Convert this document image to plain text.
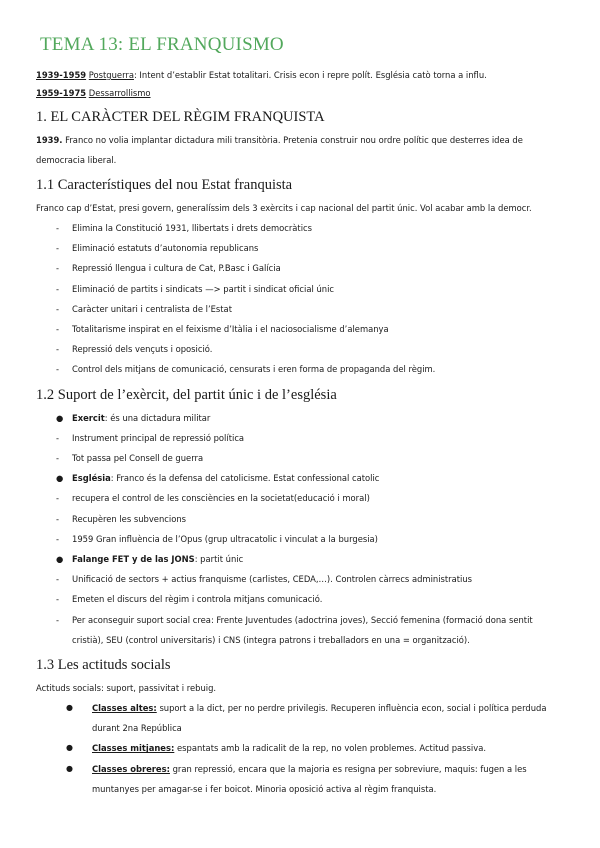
TEMA 13: EL FRANQUISMO
1939-1959 Postguerra: Intent d’establir Estat totalitari. Crisis econ i repre polít. Església catò torna a influ.
1959-1975 Dessarrollismo
1. EL CARÀCTER DEL RÈGIM FRANQUISTA
1939. Franco no volia implantar dictadura mili transitòria. Pretenia construir nou ordre polític que desterres idea de
democracia liberal.
1.1 Característiques del nou Estat franquista
Franco cap d’Estat, presi govern, generalíssim dels 3 exèrcits i cap nacional del partit únic. Vol acabar amb la democr.
- Elimina la Constitució 1931, llibertats i drets democràtics
- Eliminació estatuts d’autonomia republicans
- Repressió llengua i cultura de Cat, P.Basc i Galícia
- Eliminació de partits i sindicats —> partit i sindicat oficial únic
- Caràcter unitari i centralista de l’Estat
- Totalitarisme inspirat en el feixisme d’Itàlia i el naciosocialisme d’alemanya
- Repressió dels vençuts i oposició.
- Control dels mitjans de comunicació, censurats i eren forma de propaganda del règim.
1.2 Suport de l’exèrcit, del partit únic i de l’església
● Exercit: és una dictadura militar
- Instrument principal de repressió política
- Tot passa pel Consell de guerra
● Església: Franco és la defensa del catolicisme. Estat confessional catolic
- recupera el control de les consciències en la societat(educació i moral)
- Recupèren les subvencions
- 1959 Gran influència de l’Opus (grup ultracatolic i vinculat a la burgesia)
● Falange FET y de las JONS: partit únic
- Unificació de sectors + actius franquisme (carlistes, CEDA,…). Controlen càrrecs administratius
- Emeten el discurs del règim i controla mitjans comunicació.
- Per aconseguir suport social crea: Frente Juventudes (adoctrina joves), Secció femenina (formació dona sentit
cristià), SEU (control universitaris) i CNS (integra patrons i treballadors en una = organització).
1.3 Les actituds socials
Actituds socials: suport, passivitat i rebuig.
● Classes altes: suport a la dict, per no perdre privilegis. Recuperen influència econ, social i política perduda
durant 2na República
● Classes mitjanes: espantats amb la radicalit de la rep, no volen problemes. Actitud passiva.
● Classes obreres: gran repressió, encara que la majoria es resigna per sobreviure, maquis: fugen a les
muntanyes per amagar-se i fer boicot. Minoria oposició activa al règim franquista.
